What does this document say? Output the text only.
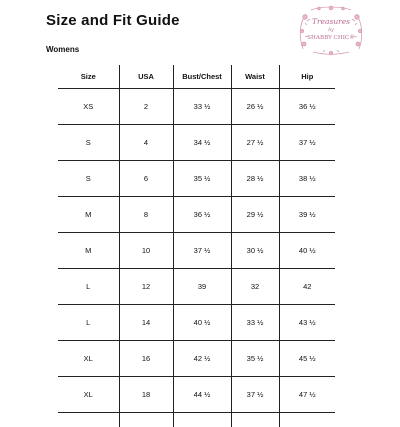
Size and Fit Guide
Womens
Treasures
by
SHABBY CHIC®
Size	USA	Bust/Chest	Waist	Hip
XS	2	33 ½	26 ½	36 ½
S	4	34 ½	27 ½	37 ½
S	6	35 ½	28 ½	38 ½
M	8	36 ½	29 ½	39 ½
M	10	37 ½	30 ½	40 ½
L	12	39	32	42
L	14	40 ½	33 ½	43 ½
XL	16	42 ½	35 ½	45 ½
XL	18	44 ½	37 ½	47 ½
